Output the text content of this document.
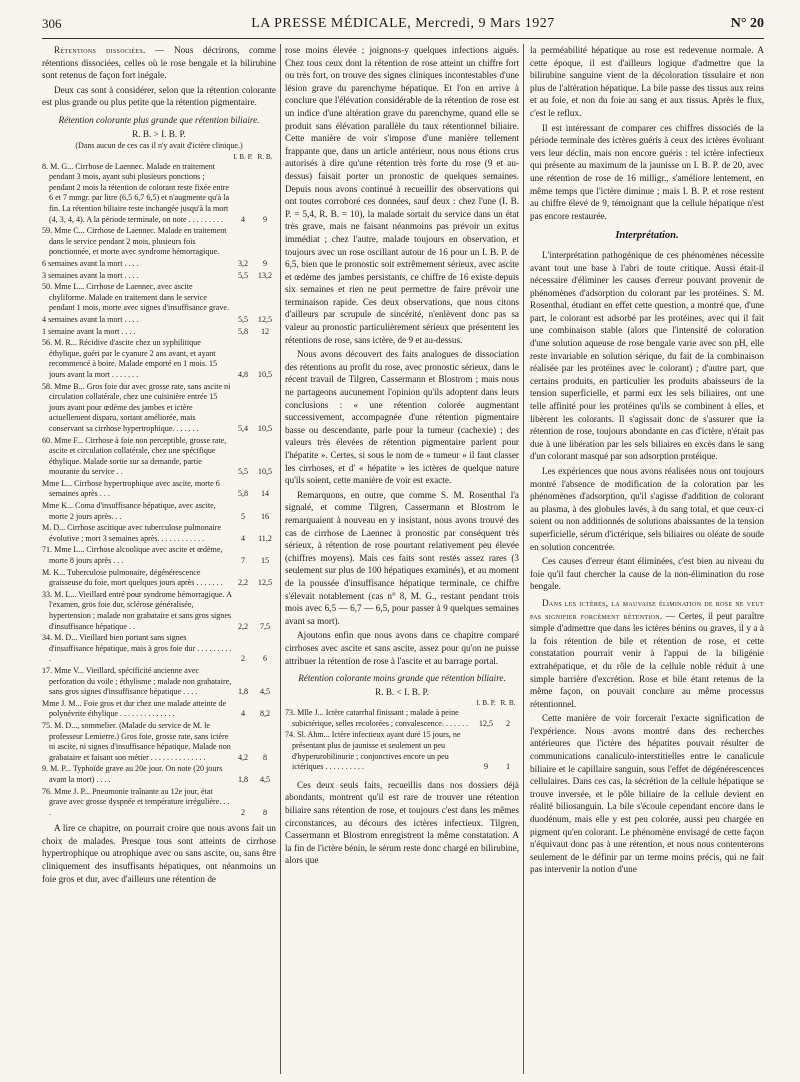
306	LA PRESSE MÉDICALE, Mercredi, 9 Mars 1927	N° 20

Rétentions dissociées. — Nous décrirons, comme rétentions dissociées, celles où le rose bengale et la bilirubine sont retenus de façon fort inégale.

Deux cas sont à considérer, selon que la rétention colorante est plus grande ou plus petite que la rétention pigmentaire.

Rétention colorante plus grande que rétention biliaire.
R. B. > I. B. P.
(Dans aucun de ces cas il n'y avait d'ictère clinique.)
I. B. P. R. B.
8. M. G... Cirrhose de Laennec. Malade en traitement pendant 3 mois, ayant subi plusieurs ponctions ; pendant 2 mois la rétention de colorant reste fixée entre 6 et 7 mmgr. par litre (6,5 6,7 6,5) et n'augmente qu'à la fin. La rétention biliaire reste inchangée jusqu'à la mort (4, 3, 4, 4). A la période terminale, on note . . . . . . . . .	4	9
59. Mme C... Cirrhose de Laennec. Malade en traitement dans le service pendant 2 mois, plusieurs fois ponctionnée, et morte avec syndrome hémorragique.
6 semaines avant la mort . . . .	3,2	9
3 semaines avant la mort . . . .	5,5	13,2
50. Mme L... Cirrhose de Laennec, avec ascite chyliforme. Malade en traitement dans le service pendant 1 mois, morte avec signes d'insuffisance grave.
4 semaines avant la mort . . . .	5,5	12,5
1 semaine avant la mort . . . .	5,8	12
56. M. R... Récidive d'ascite chez un syphilitique éthylique, guéri par le cyanure 2 ans avant, et ayant recommencé à boire. Malade emporté en 1 mois. 15 jours avant la mort . . . . . . .	4,8	10,5
58. Mme B... Gros foie dur avec grosse rate, sans ascite ni circulation collatérale, chez une cuisinière entrée 15 jours avant pour œdème des jambes et ictère actuellement disparu, sortant améliorée, mais conservant sa cirrhose hypertrophique. . . . . . .	5,4	10,5
60. Mme F... Cirrhose à foie non perceptible, grosse rate, ascite et circulation collatérale, chez une spécifique éthylique. Malade sortie sur sa demande, partie mourante du service . .	5,5	10,5
Mme L... Cirrhose hypertrophique avec ascite, morte 6 semaines après . . .	5,8	14
Mme K... Coma d'insuffisance hépatique, avec ascite, morte 2 jours après. . .	5	16
M. D... Cirrhose ascitique avec tuberculose pulmonaire évolutive ; mort 3 semaines après. . . . . . . . . . . .	4	11,2
71. Mme L... Cirrhose alcoolique avec ascite et œdème, morte 8 jours après . . .	7	15
M. K... Tuberculose pulmonaire, dégénérescence graisseuse du foie, mort quelques jours après . . . . . . .	2,2	12,5
33. M. L... Vieillard entré pour syndrome hémorragique. A l'examen, gros foie dur, sclérose généralisée, hypertension ; malade non grabataire et sans gros signes d'insuffisance hépatique . .	2,2	7,5
34. M. D... Vieillard bien portant sans signes d'insuffisance hépatique, mais à gros foie dur . . . . . . . . . .	2	6
17. Mme V... Vieillard, spécificité ancienne avec perforation du voile ; éthylisme ; malade non grabataire, sans gros signes d'insuffisance hépatique . . . .	1,8	4,5
Mme J. M... Foie gros et dur chez une malade atteinte de polynévrite éthylique . . . . . . . . . . . . . .	4	8,2
75. M. D..., sommelier. (Malade du service de M. le professeur Lemierre.) Gros foie, grosse rate, sans ictère ni ascite, ni signes d'insuffisance hépatique. Malade non grabataire et faisant son métier . . . . . . . . . . . . . .	4,2	8
9. M. P... Typhoïde grave au 20e jour. On note (20 jours avant la mort) . . . .	1,8	4,5
76. Mme J. P... Pneumonie traînante au 12e jour, état grave avec grosse dyspnée et température irrégulière. . . .	2	8

A lire ce chapitre, on pourrait croire que nous avons fait un choix de malades. Presque tous sont atteints de cirrhose hypertrophique ou atrophique avec ou sans ascite, ou, sans être cliniquement des insuffisants hépatiques, ont néanmoins un foie gros et dur, avec d'ailleurs une rétention de

rose moins élevée ; joignons-y quelques infections aiguës. Chez tous ceux dont la rétention de rose atteint un chiffre fort ou très fort, on trouve des signes cliniques incontestables d'une lésion grave du parenchyme hépatique. Et l'on en arrive à conclure que l'élévation considérable de la rétention de rose est un indice d'une altération grave du parenchyme, quand elle se produit sans élévation parallèle du taux rétentionnel biliaire. Cette manière de voir s'impose d'une manière tellement frappante que, dans un article antérieur, nous nous étions crus autorisés à dire qu'une rétention très forte du rose (9 et au-dessus) faisait porter un pronostic de quelques semaines. Depuis nous avons continué à recueillir des observations qui ont toutes corroboré ces données, sauf deux : chez l'une (I. B. P. = 5,4, R. B. = 10), la malade sortait du service dans un état très grave, mais ne faisant néanmoins pas prévoir un exitus immédiat ; chez l'autre, malade toujours en observation, et toujours avec un rose oscillant autour de 16 pour un I. B. P. de 6,5, bien que le pronostic soit extrêmement sérieux, avec ascite et œdème des jambes persistants, ce chiffre de 16 existe depuis six semaines et rien ne peut permettre de faire prévoir une terminaison rapide. Ces deux observations, que nous citons d'ailleurs par scrupule de sincérité, n'enlèvent donc pas sa valeur au pronostic particulièrement sérieux que présentent les rétentions de rose, sans ictère, de 9 et au-dessus.

Nous avons découvert des faits analogues de dissociation des rétentions au profit du rose, avec pronostic sérieux, dans le récent travail de Tilgren, Cassermann et Blostrom ; mais nous ne partageons aucunement l'opinion qu'ils adoptent dans leurs conclusions : « une rétention colorée augmentant successivement, accompagnée d'une rétention pigmentaire basse ou descendante, parle pour la tumeur (cachexie) ; des valeurs très élevées de rétention pigmentaire parlent pour l'hépatite ». Certes, si sous le nom de « tumeur » il faut classer les cirrhoses, et d' « hépatite » les ictères de quelque nature qu'ils soient, cette manière de voir est exacte.

Remarquons, en outre, que comme S. M. Rosenthal l'a signalé, et comme Tilgren, Cassermann et Blostrom le remarquaient à nouveau en y insistant, nous avons trouvé des cas de cirrhose de Laennec à pronostic par conséquent très sérieux, à rétention de rose pourtant relativement peu élevée (chiffres moyens). Mais ces faits sont restés assez rares (3 seulement sur plus de 100 hépatiques examinés), et au moment de la poussée d'insuffisance hépatique terminale, ce chiffre s'élevait notablement (cas n° 8, M. G., restant pendant trois mois avec 6,5 — 6,7 — 6,5, pour passer à 9 quelques semaines avant sa mort).

Ajoutons enfin que nous avons dans ce chapitre comparé cirrhoses avec ascite et sans ascite, assez pour qu'on ne puisse attribuer la rétention de rose à l'ascite et au barrage portal.

Rétention colorante moins grande que rétention biliaire.
R. B. < I. B. P.
I. B. P. R. B.
73. Mlle J... Ictère catarrhal finissant ; malade à peine subictérique, selles recolorées ; convalescence. . . . . . .	12,5	2
74. Sl. Ahm... Ictère infectieux ayant duré 15 jours, ne présentant plus de jaunisse et seulement un peu d'hyperurobilinurie ; conjonctives encore un peu ictériques . . . . . . . . . .	9	1

Ces deux seuls faits, recueillis dans nos dossiers déjà abondants, montrent qu'il est rare de trouver une rétention biliaire sans rétention de rose, et toujours c'est dans les mêmes circonstances, au décours des ictères infectieux. Tilgren, Cassermann et Blostrom enregistrent la même constatation. A la fin de l'ictère bénin, le sérum reste donc chargé en bilirubine, alors que

la perméabilité hépatique au rose est redevenue normale. A cette époque, il est d'ailleurs logique d'admettre que la bilirubine sanguine vient de la décoloration tissulaire et non plus de l'altération hépatique. La bile passe des tissus aux reins et au foie, et non du foie au sang et aux tissus. Après le flux, c'est le reflux.

Il est intéressant de comparer ces chiffres dissociés de la période terminale des ictères guéris à ceux des ictères évoluant vers leur déclin, mais non encore guéris : tel ictère infectieux qui présente au maximum de la jaunisse un I. B. P. de 20, avec une rétention de rose de 16 milligr., s'améliore lentement, en même temps que l'ictère diminue ; mais I. B. P. et rose restent au chiffre élevé de 9, témoignant que la cellule hépatique n'est pas encore restaurée.

Interprétation.

L'interprétation pathogénique de ces phénomènes nécessite avant tout une base à l'abri de toute critique. Aussi était-il nécessaire d'éliminer les causes d'erreur pouvant provenir de phénomènes d'adsorption du colorant par les protéines. S. M. Rosenthal, étudiant en effet cette question, a montré que, d'une part, le colorant est adsorbé par les protéines, avec qui il fait une combinaison stable (alors que l'intensité de coloration d'une solution aqueuse de rose bengale varie avec son pH, elle reste invariable en solution sérique, du fait de la combinaison réalisée par les protéines avec le colorant) ; d'autre part, que certains produits, en particulier les produits abaisseurs de la tension superficielle, et parmi eux les sels biliaires, ont une telle affinité pour les protéines qu'ils se combinent à elles, et libèrent les colorants. Il s'agissait donc de s'assurer que la rétention de rose, toujours abondante en cas d'ictère, n'était pas due à une libération par les sels biliaires en excès dans le sang d'un colorant masqué par son adsorption protéique.

Les expériences que nous avons réalisées nous ont toujours montré l'absence de modification de la coloration par les phénomènes d'adsorption, qu'il s'agisse d'addition de colorant au plasma, à des globules lavés, à du sang total, et que ceux-ci soient ou non additionnés de solutions abaissantes de la tension superficielle, sérum d'ictérique, sels biliaires ou oléate de soude en solution concentrée.

Ces causes d'erreur étant éliminées, c'est bien au niveau du foie qu'il faut chercher la cause de la non-élimination du rose bengale.

Dans les ictères, la mauvaise élimination de rose ne veut pas signifier forcément rétention. — Certes, il peut paraître simple d'admettre que dans les ictères bénins ou graves, il y a à la fois rétention de bile et rétention de rose, et cette constatation pourrait venir à l'appui de la biligénie extrahépatique, et du rôle de la cellule noble réduit à une simple barrière d'excrétion. Rose et bile étant retenus de la même façon, on pouvait conclure au même processus rétentionnel.

Cette manière de voir forcerait l'exacte signification de l'expérience. Nous avons montré dans des recherches antérieures que l'ictère des hépatites pouvait résulter de communications canaliculo-interstitielles entre le canalicule biliaire et le capillaire sanguin, sous l'effet de dégénérescences cellulaires. Dans ces cas, la sécrétion de la cellule hépatique se trouve inversée, et le pôle biliaire de la cellule devient en réalité biliosanguin. La bile s'écoule cependant encore dans le duodénum, mais elle y est peu colorée, aussi peu chargée en pigment qu'en colorant. Le phénomène envisagé de cette façon n'équivaut donc pas à une rétention, et nous nous contenterons seulement de le définir par un terme moins précis, qui ne fait pas intervenir la notion d'une
